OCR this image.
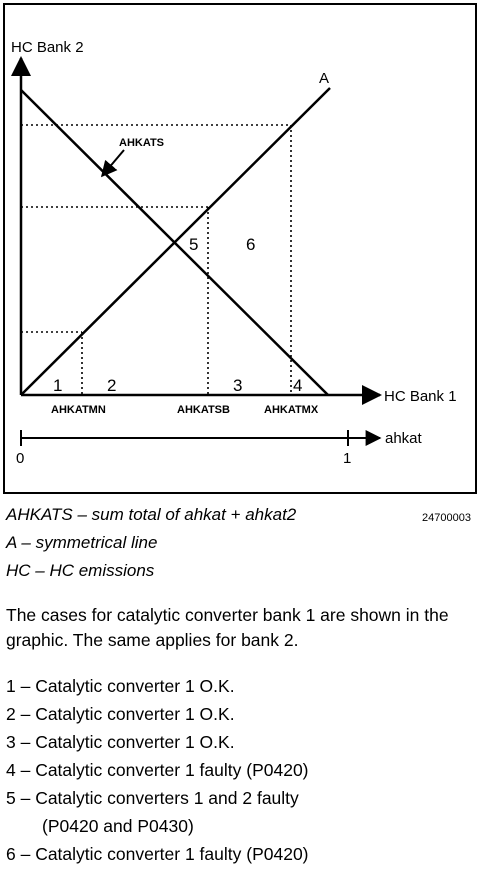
HC Bank 2
HC Bank 1
A
AHKATS
1	2	3	4
5	6
AHKATMN	AHKATSB	AHKATMX
ahkat
0	1
AHKATS – sum total of ahkat + ahkat2	24700003
A – symmetrical line
HC – HC emissions
The cases for catalytic converter bank 1 are shown in the graphic. The same applies for bank 2.
1 – Catalytic converter 1 O.K.
2 – Catalytic converter 1 O.K.
3 – Catalytic converter 1 O.K.
4 – Catalytic converter 1 faulty (P0420)
5 – Catalytic converters 1 and 2 faulty
(P0420 and P0430)
6 – Catalytic converter 1 faulty (P0420)
